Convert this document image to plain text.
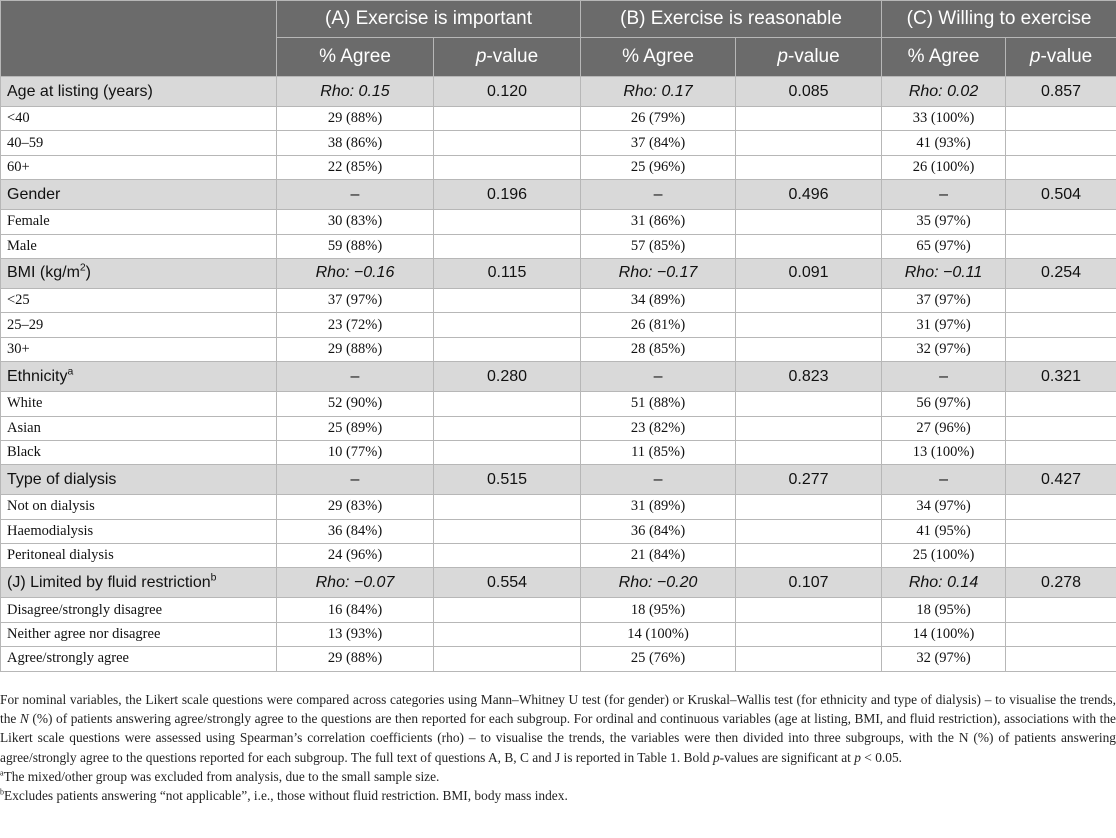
	(A) Exercise is important		(B) Exercise is reasonable		(C) Willing to exercise	
	% Agree	p-value	% Agree	p-value	% Agree	p-value
Age at listing (years)	Rho: 0.15	0.120	Rho: 0.17	0.085	Rho: 0.02	0.857
<40	29 (88%)		26 (79%)		33 (100%)	
40–59	38 (86%)		37 (84%)		41 (93%)	
60+	22 (85%)		25 (96%)		26 (100%)	
Gender	–	0.196	–	0.496	–	0.504
Female	30 (83%)		31 (86%)		35 (97%)	
Male	59 (88%)		57 (85%)		65 (97%)	
BMI $(kg/m^2)$	Rho: −0.16	0.115	Rho: −0.17	0.091	Rho: −0.11	0.254
<25	37 (97%)		34 (89%)		37 (97%)	
25–29	23 (72%)		26 (81%)		31 (97%)	
30+	29 (88%)		28 (85%)		32 (97%)	
Ethnicity$^a$	–	0.280	–	0.823	–	0.321
White	52 (90%)		51 (88%)		56 (97%)	
Asian	25 (89%)		23 (82%)		27 (96%)	
Black	10 (77%)		11 (85%)		13 (100%)	
Type of dialysis	–	0.515	–	0.277	–	0.427
Not on dialysis	29 (83%)		31 (89%)		34 (97%)	
Haemodialysis	36 (84%)		36 (84%)		41 (95%)	
Peritoneal dialysis	24 (96%)		21 (84%)		25 (100%)	
(J) Limited by fluid restriction$^b$	Rho: −0.07	0.554	Rho: −0.20	0.107	Rho: 0.14	0.278
Disagree/strongly disagree	16 (84%)		18 (95%)		18 (95%)	
Neither agree nor disagree	13 (93%)		14 (100%)		14 (100%)	
Agree/strongly agree	29 (88%)		25 (76%)		32 (97%)	

For nominal variables, the Likert scale questions were compared across categories using Mann–Whitney U test (for gender) or Kruskal–Wallis test (for ethnicity and type of dialysis) – to visualise the trends, the N (%) of patients answering agree/strongly agree to the questions are then reported for each subgroup. For ordinal and continuous variables (age at listing, BMI, and fluid restriction), associations with the Likert scale questions were assessed using Spearman’s correlation coefficients (rho) – to visualise the trends, the variables were then divided into three subgroups, with the N (%) of patients answering agree/strongly agree to the questions reported for each subgroup. The full text of questions A, B, C and J is reported in Table 1. Bold p-values are significant at p < 0.05.

$^a$The mixed/other group was excluded from analysis, due to the small sample size.

$^b$Excludes patients answering “not applicable”, i.e., those without fluid restriction. BMI, body mass index.
